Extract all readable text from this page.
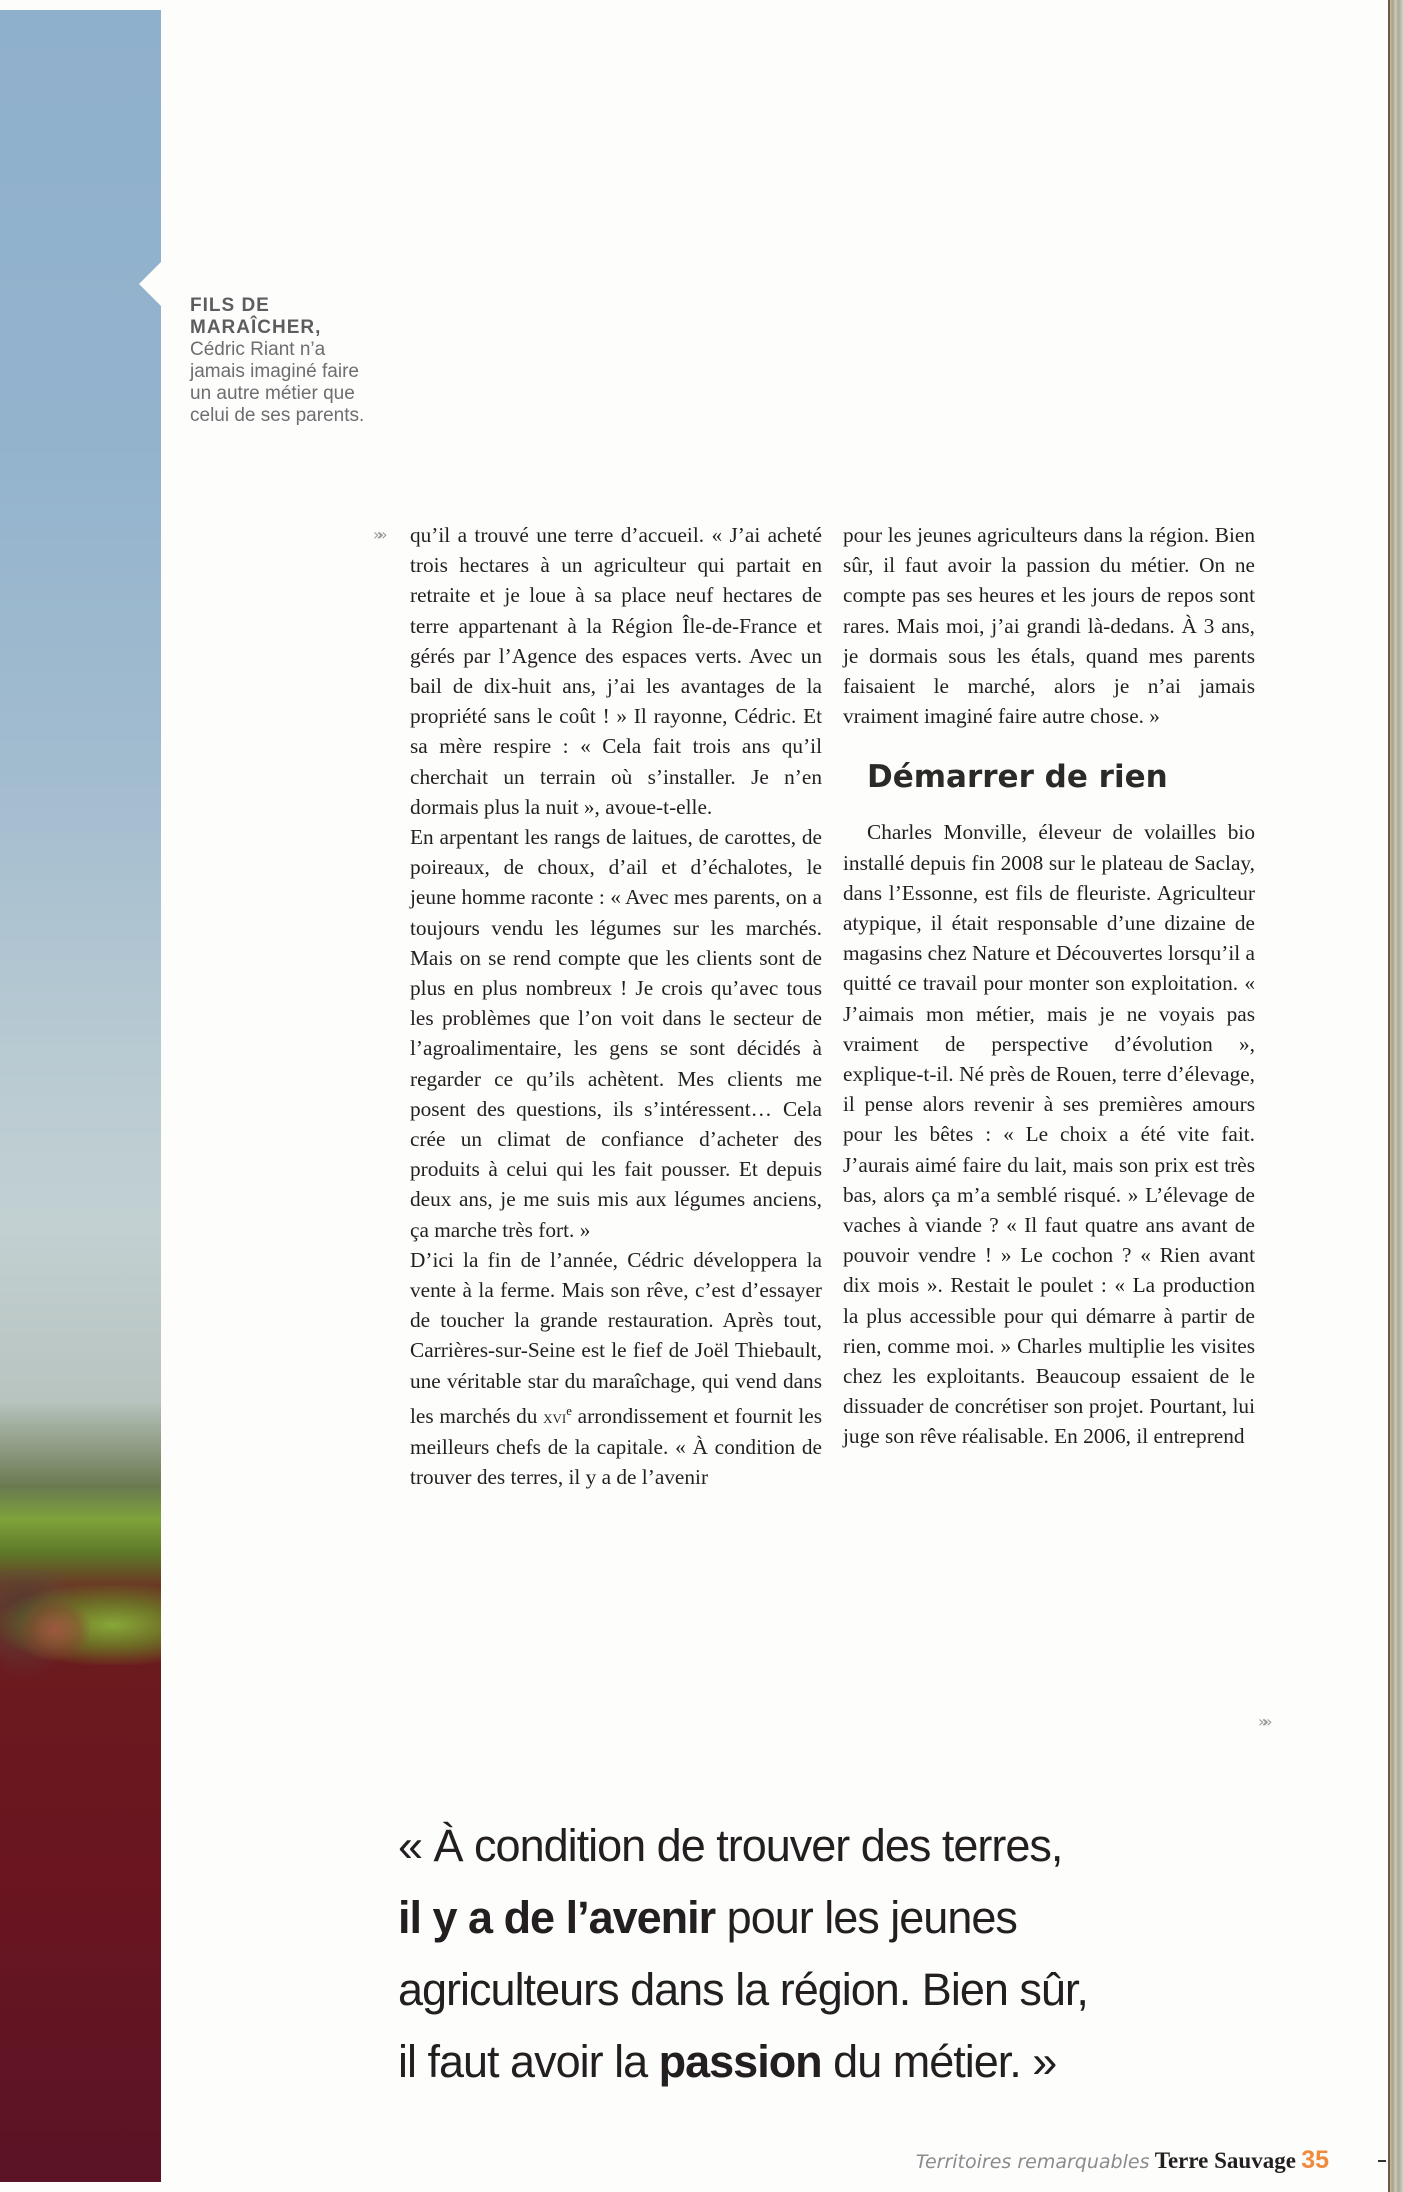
FILS DE
MARAÎCHER,
Cédric Riant n’a jamais imaginé faire un autre métier que celui de ses parents.
»» qu’il a trouvé une terre d’accueil. « J’ai acheté trois hectares à un agriculteur qui partait en retraite et je loue à sa place neuf hectares de terre appartenant à la Région Île-de-France et gérés par l’Agence des espaces verts. Avec un bail de dix-huit ans, j’ai les avantages de la propriété sans le coût ! » Il rayonne, Cédric. Et sa mère respire : « Cela fait trois ans qu’il cherchait un terrain où s’installer. Je n’en dormais plus la nuit », avoue-t-elle.

En arpentant les rangs de laitues, de carottes, de poireaux, de choux, d’ail et d’échalotes, le jeune homme raconte : « Avec mes parents, on a toujours vendu les légumes sur les marchés. Mais on se rend compte que les clients sont de plus en plus nombreux ! Je crois qu’avec tous les problèmes que l’on voit dans le secteur de l’agroalimentaire, les gens se sont décidés à regarder ce qu’ils achètent. Mes clients me posent des questions, ils s’intéressent… Cela crée un climat de confiance d’acheter des produits à celui qui les fait pousser. Et depuis deux ans, je me suis mis aux légumes anciens, ça marche très fort. »

D’ici la fin de l’année, Cédric développera la vente à la ferme. Mais son rêve, c’est d’essayer de toucher la grande restauration. Après tout, Carrières-sur-Seine est le fief de Joël Thiebault, une véritable star du maraîchage, qui vend dans les marchés du xvi$^e$ arrondissement et fournit les meilleurs chefs de la capitale. « À condition de trouver des terres, il y a de l’avenir

pour les jeunes agriculteurs dans la région. Bien sûr, il faut avoir la passion du métier. On ne compte pas ses heures et les jours de repos sont rares. Mais moi, j’ai grandi là-dedans. À 3 ans, je dormais sous les étals, quand mes parents faisaient le marché, alors je n’ai jamais vraiment imaginé faire autre chose. »

Démarrer de rien

Charles Monville, éleveur de volailles bio installé depuis fin 2008 sur le plateau de Saclay, dans l’Essonne, est fils de fleuriste. Agriculteur atypique, il était responsable d’une dizaine de magasins chez Nature et Découvertes lorsqu’il a quitté ce travail pour monter son exploitation. « J’aimais mon métier, mais je ne voyais pas vraiment de perspective d’évolution », explique-t-il. Né près de Rouen, terre d’élevage, il pense alors revenir à ses premières amours pour les bêtes : « Le choix a été vite fait. J’aurais aimé faire du lait, mais son prix est très bas, alors ça m’a semblé risqué. » L’élevage de vaches à viande ? « Il faut quatre ans avant de pouvoir vendre ! » Le cochon ? « Rien avant dix mois ». Restait le poulet : « La production la plus accessible pour qui démarre à partir de rien, comme moi. » Charles multiplie les visites chez les exploitants. Beaucoup essaient de le dissuader de concrétiser son projet. Pourtant, lui juge son rêve réalisable. En 2006, il entreprend

»»
« À condition de trouver des terres,
il y a de l’avenir pour les jeunes
agriculteurs dans la région. Bien sûr,
il faut avoir la passion du métier. »
Territoires remarquables Terre Sauvage 35
